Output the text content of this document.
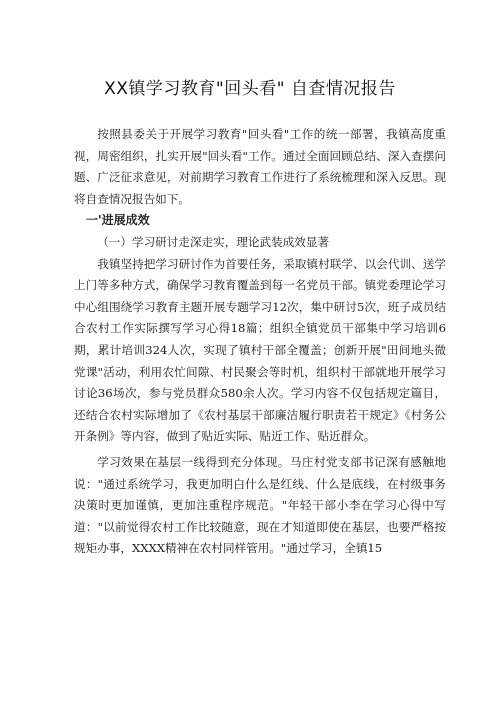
XX镇学习教育"回头看" 自查情况报告

按照县委关于开展学习教育"回头看"工作的统一部署，我镇高度重视，周密组织，扎实开展"回头看"工作。通过全面回顾总结、深入查摆问题、广泛征求意见，对前期学习教育工作进行了系统梳理和深入反思。现将自查情况报告如下。

一'进展成效
（一）学习研讨走深走实，理论武装成效显著

我镇坚持把学习研讨作为首要任务，采取镇村联学、以会代训、送学上门等多种方式，确保学习教育覆盖到每一名党员干部。镇党委理论学习中心组围绕学习教育主题开展专题学习12次，集中研讨5次，班子成员结合农村工作实际撰写学习心得18篇；组织全镇党员干部集中学习培训6期，累计培训324人次，实现了镇村干部全覆盖；创新开展"田间地头微党课"活动，利用农忙间隙、村民聚会等时机，组织村干部就地开展学习讨论36场次，参与党员群众580余人次。学习内容不仅包括规定篇目，还结合农村实际增加了《农村基层干部廉洁履行职责若干规定》《村务公开条例》等内容，做到了贴近实际、贴近工作、贴近群众。

学习效果在基层一线得到充分体现。马庄村党支部书记深有感触地说："通过系统学习，我更加明白什么是红线、什么是底线，在村级事务决策时更加谨慎，更加注重程序规范。"年轻干部小李在学习心得中写道："以前觉得农村工作比较随意，现在才知道即使在基层，也要严格按规矩办事，XXXX精神在农村同样管用。"通过学习，全镇15
